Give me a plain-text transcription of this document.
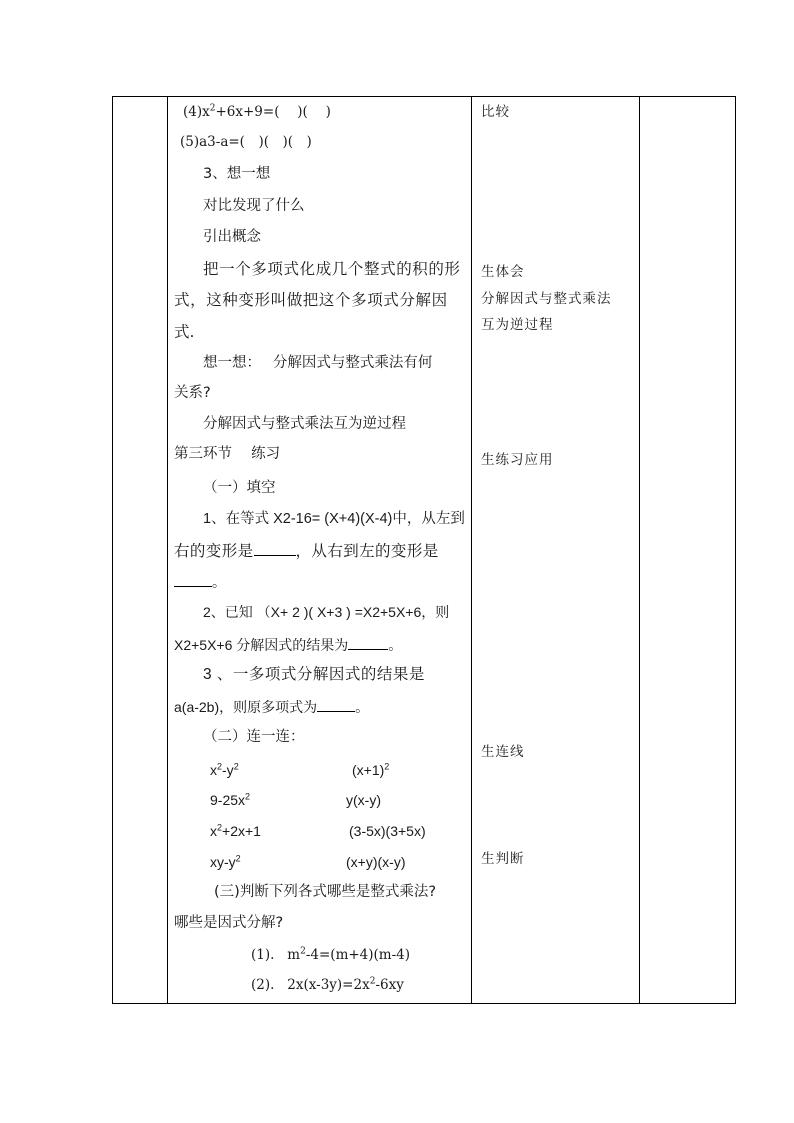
$(4)x^2+6x+9=$(　 )(　 )
(5)a3-a=(　)(　)(　)
3、想一想
对比发现了什么
引出概念
把一个多项式化成几个整式的积的形
式，这种变形叫做把这个多项式分解因
式.
想一想：　 分解因式与整式乘法有何
关系?
分解因式与整式乘法互为逆过程
第三环节　 练习
（一）填空
1、在等式 X2-16= (X+4)(X-4)中，从左到
右的变形是	，从右到左的变形是
。
2、已知 （X+ 2 )( X+3 ) =X2+5X+6，则
X2+5X+6 分解因式的结果为	。
3 、一多项式分解因式的结果是
a(a-2b)，则原多项式为	。
（二）连一连：
$x^2-y^2$
$9-25x^2$
$x^2+2x+1$
$xy-y^2$
$(x+1)^2$
y(x-y)
(3-5x)(3+5x)
(x+y)(x-y)
(三)判断下列各式哪些是整式乘法?
哪些是因式分解?
(1). $m^2-4=(m+4)(m-4)$
(2). $2x(x-3y)=2x^2-6xy$
比较
生体会
分解因式与整式乘法
互为逆过程
生练习应用
生连线
生判断
